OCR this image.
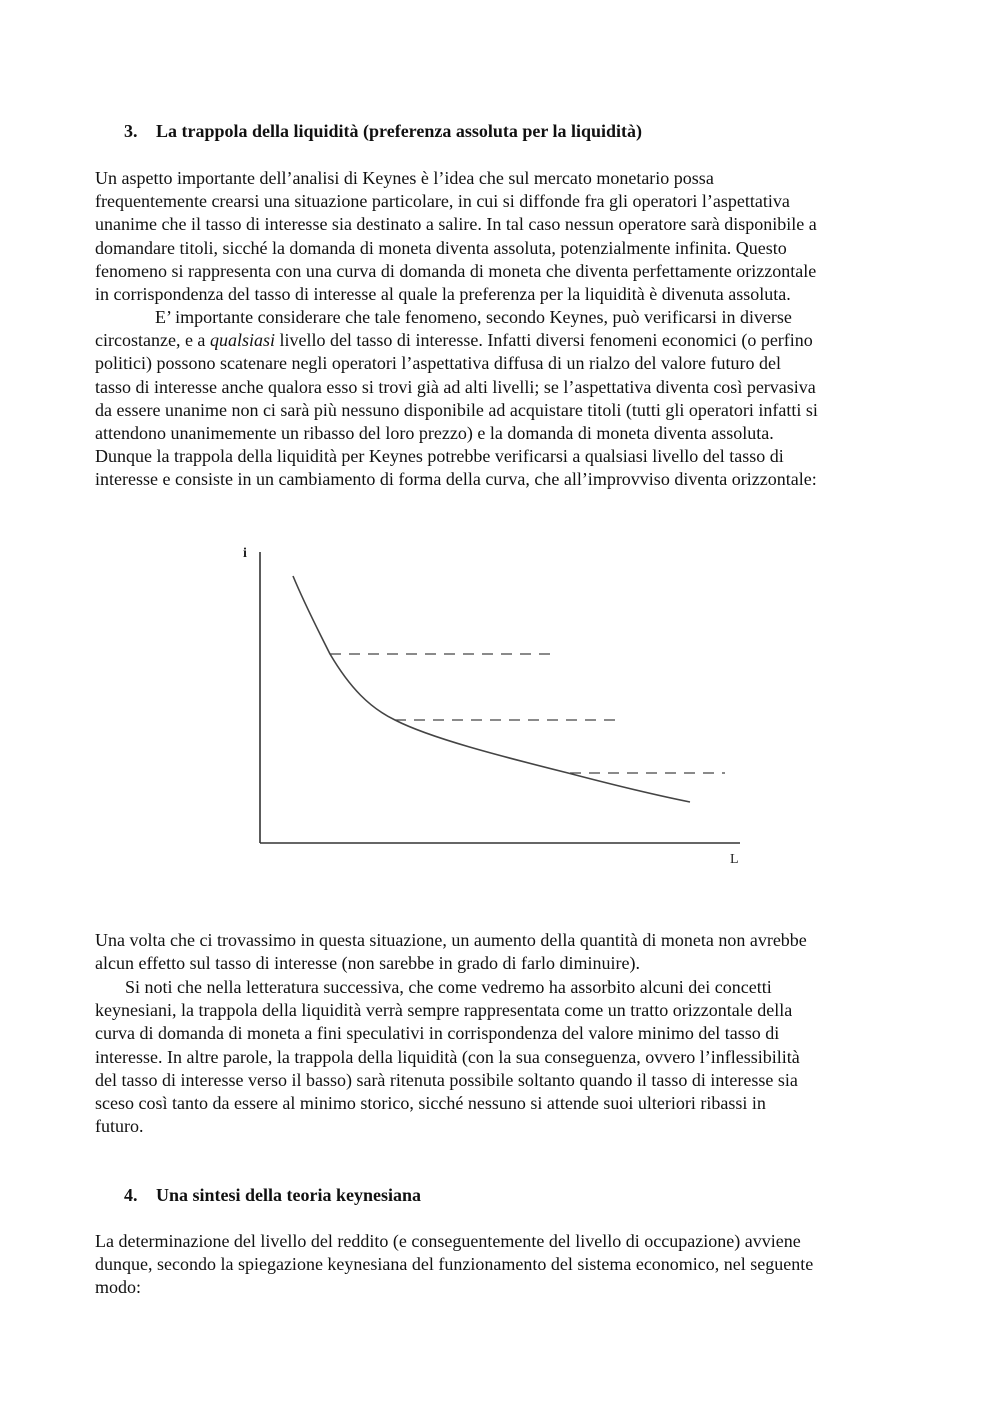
3. La trappola della liquidità (preferenza assoluta per la liquidità)
Un aspetto importante dell’analisi di Keynes è l’idea che sul mercato monetario possa
frequentemente crearsi una situazione particolare, in cui si diffonde fra gli operatori l’aspettativa
unanime che il tasso di interesse sia destinato a salire. In tal caso nessun operatore sarà disponibile a
domandare titoli, sicché la domanda di moneta diventa assoluta, potenzialmente infinita. Questo
fenomeno si rappresenta con una curva di domanda di moneta che diventa perfettamente orizzontale
in corrispondenza del tasso di interesse al quale la preferenza per la liquidità è divenuta assoluta.
E’ importante considerare che tale fenomeno, secondo Keynes, può verificarsi in diverse
circostanze, e a qualsiasi livello del tasso di interesse. Infatti diversi fenomeni economici (o perfino
politici) possono scatenare negli operatori l’aspettativa diffusa di un rialzo del valore futuro del
tasso di interesse anche qualora esso si trovi già ad alti livelli; se l’aspettativa diventa così pervasiva
da essere unanime non ci sarà più nessuno disponibile ad acquistare titoli (tutti gli operatori infatti si
attendono unanimemente un ribasso del loro prezzo) e la domanda di moneta diventa assoluta.
Dunque la trappola della liquidità per Keynes potrebbe verificarsi a qualsiasi livello del tasso di
interesse e consiste in un cambiamento di forma della curva, che all’improvviso diventa orizzontale:
i
L
Una volta che ci trovassimo in questa situazione, un aumento della quantità di moneta non avrebbe
alcun effetto sul tasso di interesse (non sarebbe in grado di farlo diminuire).
Si noti che nella letteratura successiva, che come vedremo ha assorbito alcuni dei concetti
keynesiani, la trappola della liquidità verrà sempre rappresentata come un tratto orizzontale della
curva di domanda di moneta a fini speculativi in corrispondenza del valore minimo del tasso di
interesse. In altre parole, la trappola della liquidità (con la sua conseguenza, ovvero l’inflessibilità
del tasso di interesse verso il basso) sarà ritenuta possibile soltanto quando il tasso di interesse sia
sceso così tanto da essere al minimo storico, sicché nessuno si attende suoi ulteriori ribassi in
futuro.
4. Una sintesi della teoria keynesiana
La determinazione del livello del reddito (e conseguentemente del livello di occupazione) avviene
dunque, secondo la spiegazione keynesiana del funzionamento del sistema economico, nel seguente
modo:
